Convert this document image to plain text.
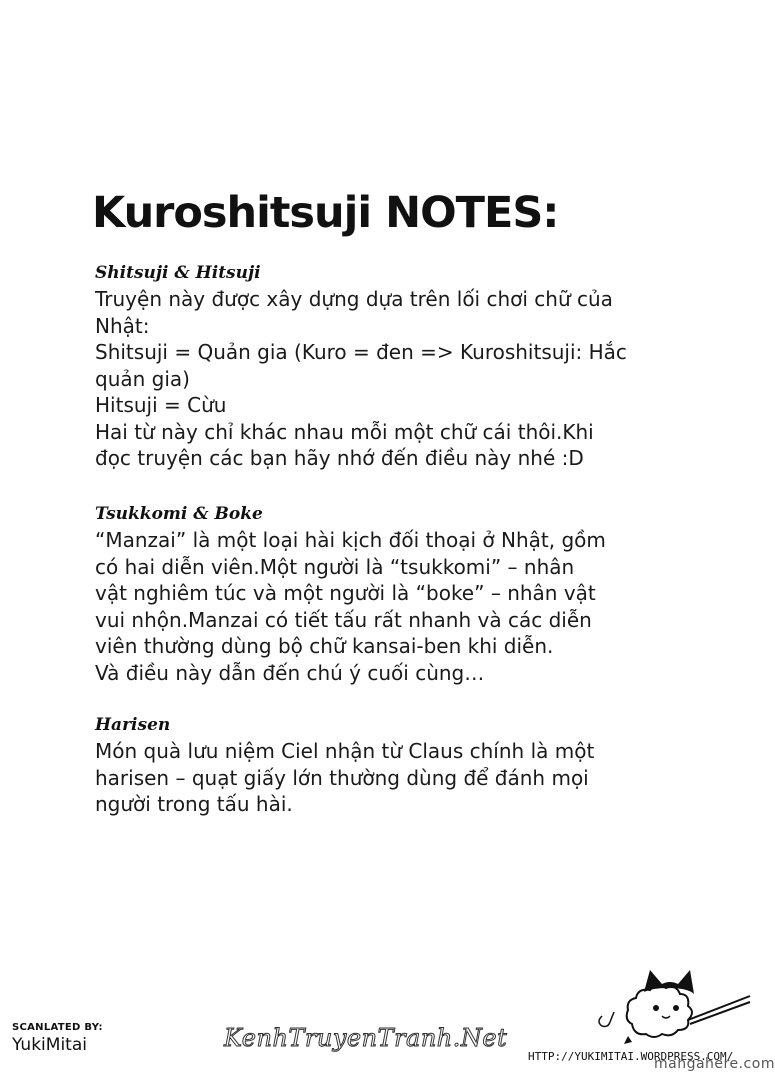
Kuroshitsuji NOTES:
Shitsuji & Hitsuji

Truyện này được xây dựng dựa trên lối chơi chữ của
Nhật:
Shitsuji = Quản gia (Kuro = đen => Kuroshitsuji: Hắc
quản gia)
Hitsuji = Cừu
Hai từ này chỉ khác nhau mỗi một chữ cái thôi.Khi
đọc truyện các bạn hãy nhớ đến điều này nhé :D

Tsukkomi & Boke

“Manzai” là một loại hài kịch đối thoại ở Nhật, gồm
có hai diễn viên.Một người là “tsukkomi” – nhân
vật nghiêm túc và một người là “boke” – nhân vật
vui nhộn.Manzai có tiết tấu rất nhanh và các diễn
viên thường dùng bộ chữ kansai-ben khi diễn.
Và điều này dẫn đến chú ý cuối cùng…

Harisen

Món quà lưu niệm Ciel nhận từ Claus chính là một
harisen – quạt giấy lớn thường dùng để đánh mọi
người trong tấu hài.

SCANLATED BY:
YukiMitai	KenhTruyenTranh.Net
HTTP://YUKIMITAI.WORDPRESS.COM/
mangahere.com
